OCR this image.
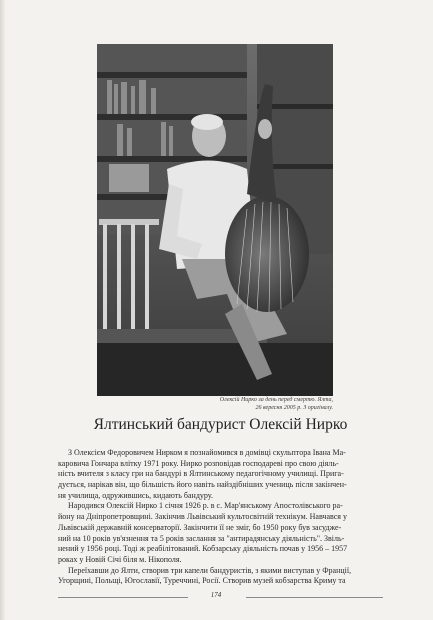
Олексій Нирко за день перед смертю. Ялта,
26 вересня 2005 р. З оригіналу.
Ялтинський бандурист Олексій Нирко
З Олексієм Федоровичем Нирком я познайомився в домівці скульптора Івана Ма-
каровича Гончара влітку 1971 року. Нирко розповідав господареві про свою діяль-
ність вчителя з класу гри на бандурі в Ялтинському педагогічному училищі. Прига-
дується, нарікав він, що більшість його навіть найздібніших учениць після закінчен-
ня училища, одружившись, кидають бандуру.
Народився Олексій Нирко 1 січня 1926 р. в с. Мар'янському Апостолівського ра-
йону на Дніпропетровщині. Закінчив Львівський культосвітній технікум. Навчався у
Львівській державній консерваторії. Закінчити її не зміг, бо 1950 року був засудже-
ний на 10 років ув'язнення та 5 років заслання за "антирадянську діяльність". Звіль-
нений у 1956 році. Тоді ж реабілітований. Кобзарську діяльність почав у 1956 – 1957
роках у Новій Січі біля м. Нікополя.
Переїхавши до Ялти, створив три капели бандуристів, з якими виступав у Франції,
Угорщині, Польщі, Югославії, Туреччині, Росії. Створив музей кобзарства Криму та
174
